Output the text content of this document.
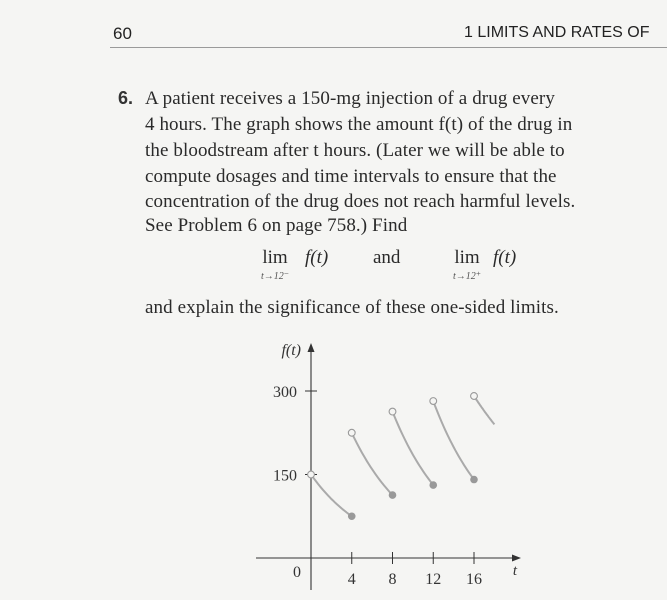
60	1 LIMITS AND RATES OF
6. A patient receives a 150-mg injection of a drug every
4 hours. The graph shows the amount f(t) of the drug in
the bloodstream after t hours. (Later we will be able to
compute dosages and time intervals to ensure that the
concentration of the drug does not reach harmful levels.
See Problem 6 on page 758.) Find
lim
t→12⁻
f(t) and	lim
t→12⁺
f(t)
and explain the significance of these one-sided limits.
4 8 12 16
150
300
f(t)
t
0
